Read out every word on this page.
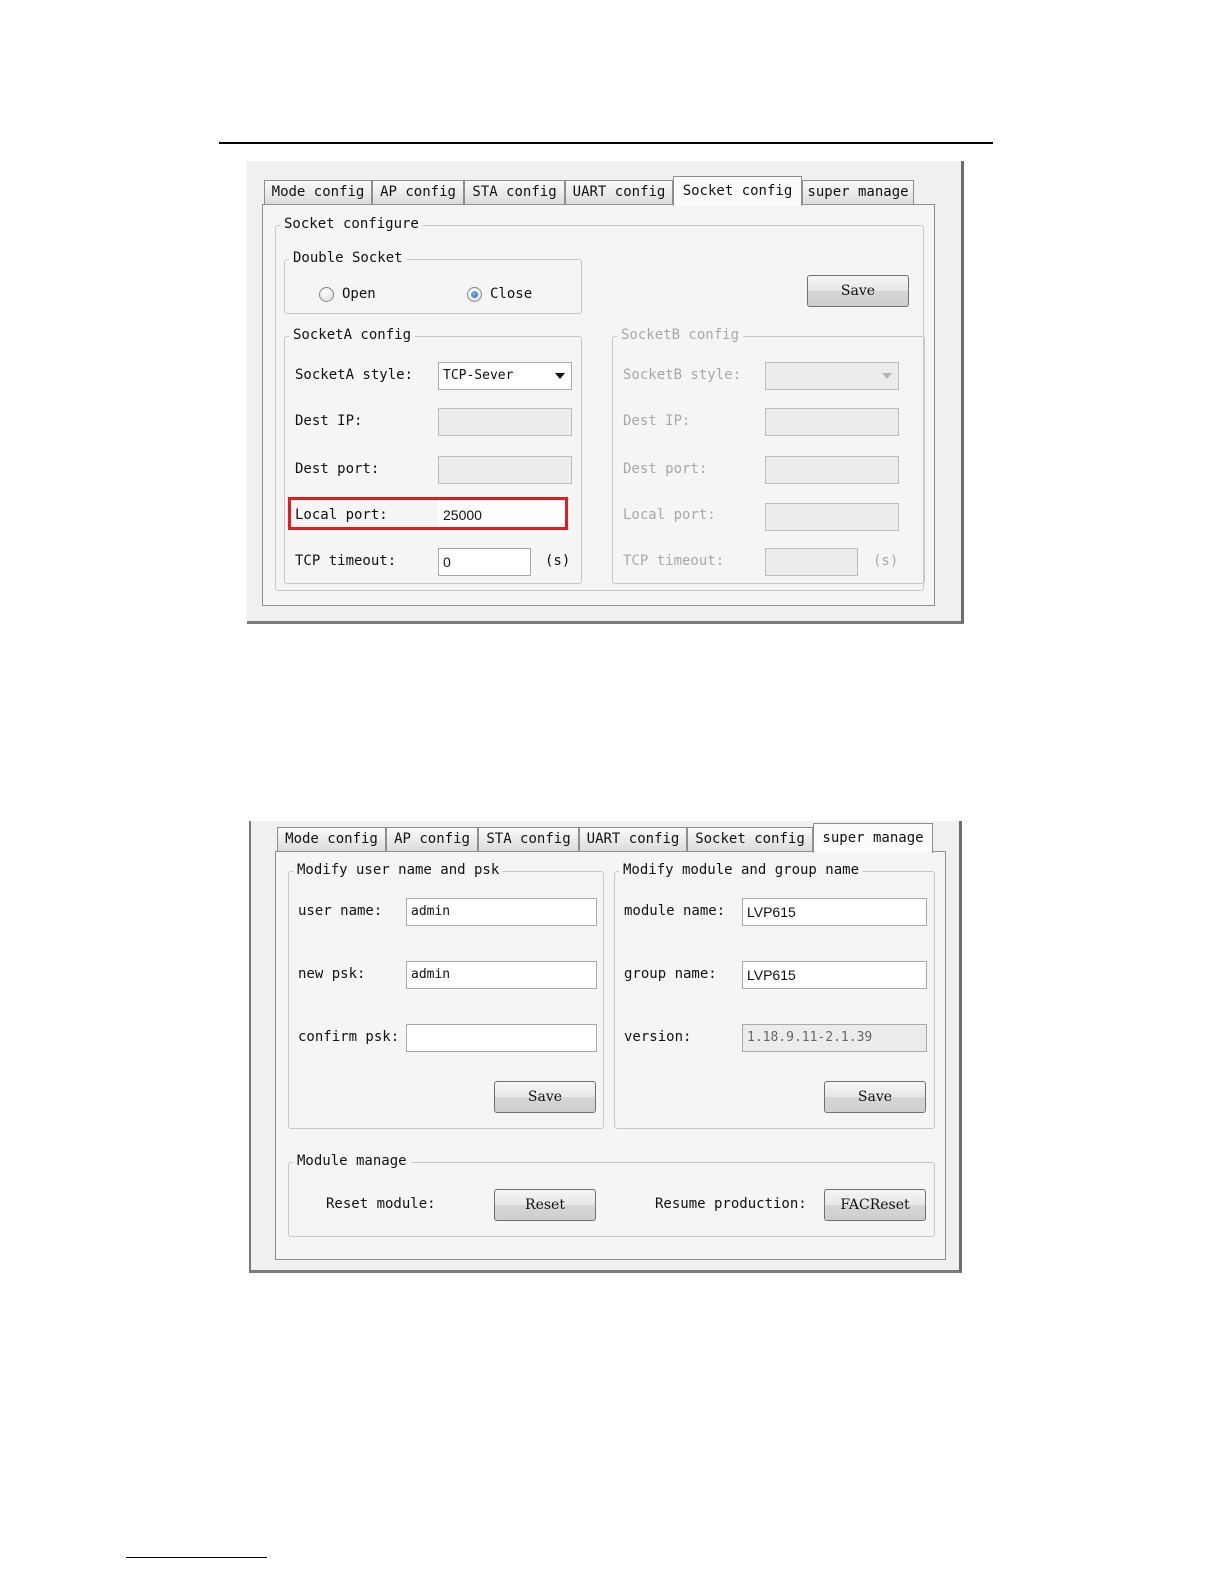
Mode config	AP config	STA config	UART config	Socket config	super manage
Socket configure
Double Socket
Open	Close	Save
SocketA config
SocketA style:	TCP-Sever
Dest IP:
Dest port:
Local port:	25000
TCP timeout:	0	(s)
SocketB config
SocketB style:
Dest IP:
Dest port:
Local port:
TCP timeout:	(s)
Mode config	AP config	STA config	UART config	Socket config	super manage
Modify user name and psk
user name:	admin
new psk:	admin
confirm psk:
Save
Modify module and group name
module name:	LVP615
group name:	LVP615
version:	1.18.9.11-2.1.39
Save
Module manage
Reset module:	Reset	Resume production:	FACReset
